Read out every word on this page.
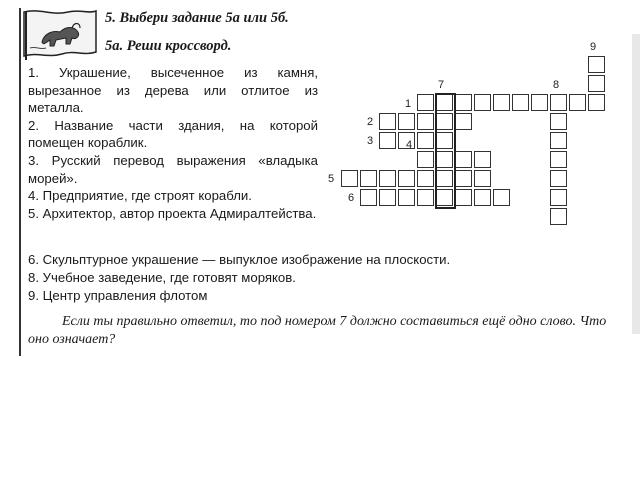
5. Выбери задание 5а или 5б.
5а. Реши кроссворд.

1. Украшение, высеченное из камня, вырезанное из дерева или отлитое из металла.

2. Название части здания, на которой помещен кораблик.

3. Русский перевод выражения «владыка морей».

4. Предприятие, где строят корабли.

5. Архитектор, автор проекта Адмиралтейства.

6. Скульптурное украшение — выпуклое изображение на плоскости.
8. Учебное заведение, где готовят моряков.
9. Центр управления флотом
Если ты правильно ответил, то под номером 7 должно составиться ещё одно слово. Что оно означает?
1
2
3	4
5
6
7	8
9
